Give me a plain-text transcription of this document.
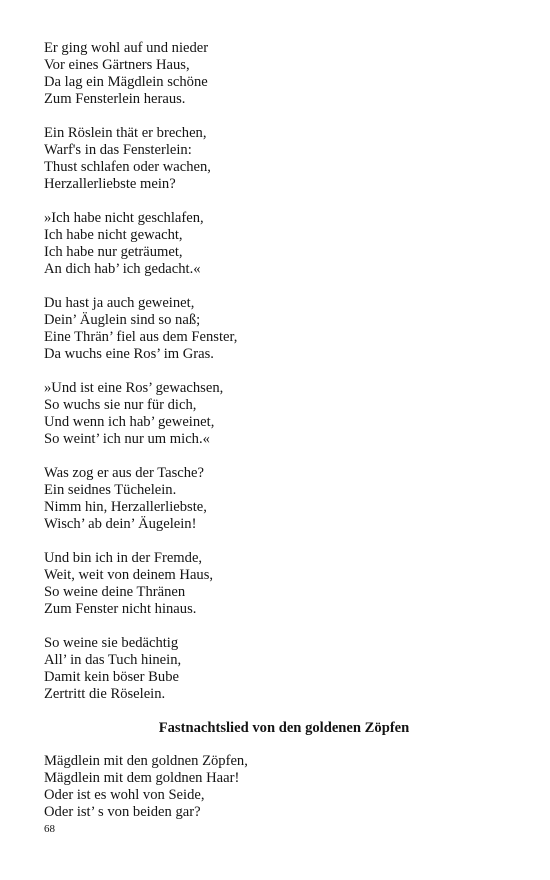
Er ging wohl auf und nieder
Vor eines Gärtners Haus,
Da lag ein Mägdlein schöne
Zum Fensterlein heraus.
Ein Röslein thät er brechen,
Warf's in das Fensterlein:
Thust schlafen oder wachen,
Herzallerliebste mein?
»Ich habe nicht geschlafen,
Ich habe nicht gewacht,
Ich habe nur geträumet,
An dich hab’ ich gedacht.«
Du hast ja auch geweinet,
Dein’ Äuglein sind so naß;
Eine Thrän’ fiel aus dem Fenster,
Da wuchs eine Ros’ im Gras.
»Und ist eine Ros’ gewachsen,
So wuchs sie nur für dich,
Und wenn ich hab’ geweinet,
So weint’ ich nur um mich.«
Was zog er aus der Tasche?
Ein seidnes Tüchelein.
Nimm hin, Herzallerliebste,
Wisch’ ab dein’ Äugelein!
Und bin ich in der Fremde,
Weit, weit von deinem Haus,
So weine deine Thränen
Zum Fenster nicht hinaus.
So weine sie bedächtig
All’ in das Tuch hinein,
Damit kein böser Bube
Zertritt die Röselein.
Fastnachtslied von den goldenen Zöpfen
Mägdlein mit den goldnen Zöpfen,
Mägdlein mit dem goldnen Haar!
Oder ist es wohl von Seide,
Oder ist’ s von beiden gar?
68
